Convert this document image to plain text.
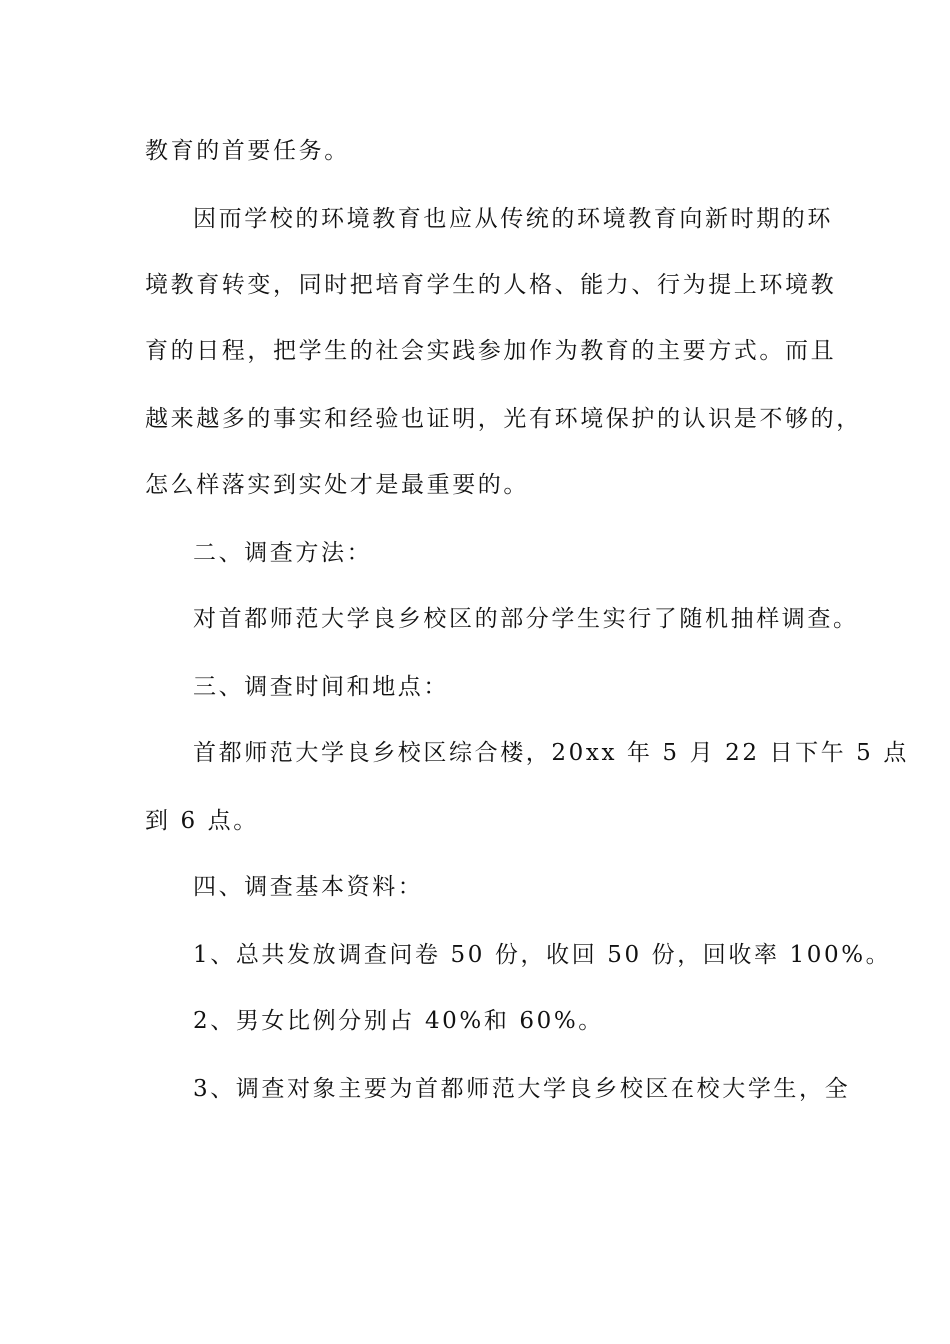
教育的首要任务。
因而学校的环境教育也应从传统的环境教育向新时期的环
境教育转变，同时把培育学生的人格、能力、行为提上环境教
育的日程，把学生的社会实践参加作为教育的主要方式。而且
越来越多的事实和经验也证明，光有环境保护的认识是不够的，
怎么样落实到实处才是最重要的。
二、调查方法：
对首都师范大学良乡校区的部分学生实行了随机抽样调查。
三、调查时间和地点：
首都师范大学良乡校区综合楼，20xx 年 5 月 22 日下午 5 点
到 6 点。
四、调查基本资料：
1、总共发放调查问卷 50 份，收回 50 份，回收率 100%。
2、男女比例分别占 40%和 60%。
3、调查对象主要为首都师范大学良乡校区在校大学生，全
